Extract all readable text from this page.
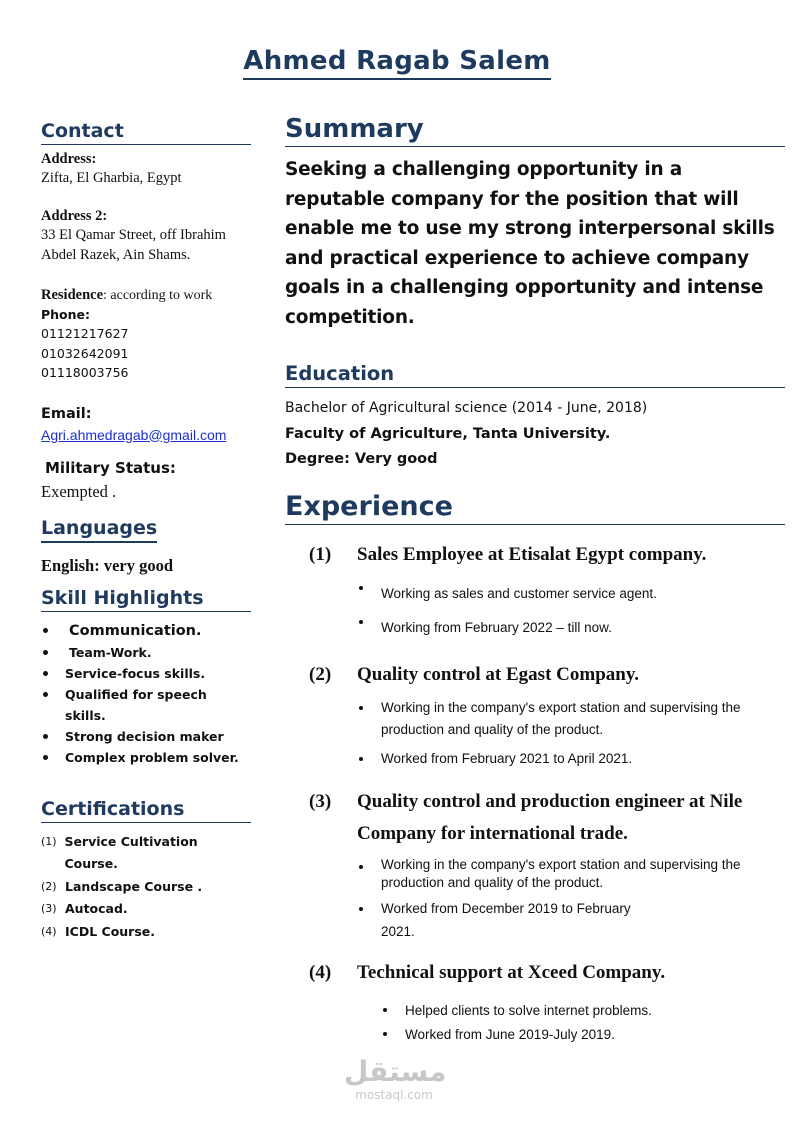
Ahmed Ragab Salem
Contact
Address:
Zifta, El Gharbia, Egypt
Address 2:
33 El Qamar Street, off Ibrahim Abdel Razek, Ain Shams.
Residence: according to work
Phone:
01121217627
01032642091
01118003756
Email:
Agri.ahmedragab@gmail.com
Military Status:
Exempted .
Languages
English: very good
Skill Highlights
Communication.
Team-Work.
Service-focus skills.
Qualified for speech skills.
Strong decision maker
Complex problem solver.
Certifications
(1) Service Cultivation Course.
(2) Landscape Course .
(3) Autocad.
(4) ICDL Course.
Summary

Seeking a challenging opportunity in a reputable company for the position that will enable me to use my strong interpersonal skills and practical experience to achieve company goals in a challenging opportunity and intense competition.

Education
Bachelor of Agricultural science (2014 - June, 2018)
Faculty of Agriculture, Tanta University.
Degree: Very good
Experience
(1)	Sales Employee at Etisalat Egypt company.
Working as sales and customer service agent.
Working from February 2022 – till now.
(2)	Quality control at Egast Company.
Working in the company's export station and supervising the production and quality of the product.
Worked from February 2021 to April 2021.
(3)	Quality control and production engineer at Nile Company for international trade.
Working in the company's export station and supervising the production and quality of the product.
Worked from December 2019 to February 2021.
(4)	Technical support at Xceed Company.
Helped clients to solve internet problems.
Worked from June 2019-July 2019.
مستقل
mostaql.com
